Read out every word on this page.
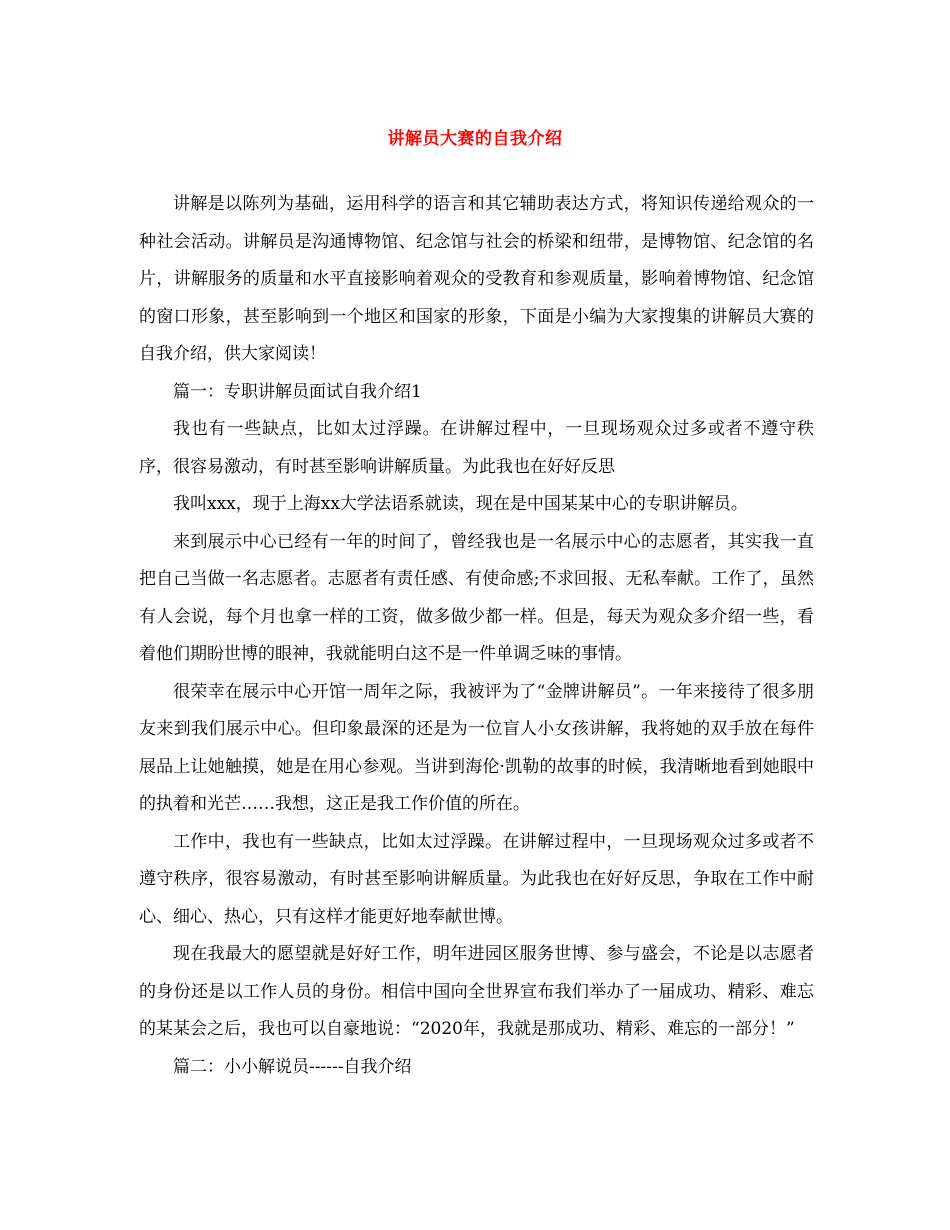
讲解员大赛的自我介绍

讲解是以陈列为基础，运用科学的语言和其它辅助表达方式，将知识传递给观众的一种社会活动。讲解员是沟通博物馆、纪念馆与社会的桥梁和纽带，是博物馆、纪念馆的名片，讲解服务的质量和水平直接影响着观众的受教育和参观质量，影响着博物馆、纪念馆的窗口形象，甚至影响到一个地区和国家的形象，下面是小编为大家搜集的讲解员大赛的自我介绍，供大家阅读！

篇一：专职讲解员面试自我介绍1

我也有一些缺点，比如太过浮躁。在讲解过程中，一旦现场观众过多或者不遵守秩序，很容易激动，有时甚至影响讲解质量。为此我也在好好反思

我叫xxx，现于上海xx大学法语系就读，现在是中国某某中心的专职讲解员。

来到展示中心已经有一年的时间了，曾经我也是一名展示中心的志愿者，其实我一直把自己当做一名志愿者。志愿者有责任感、有使命感;不求回报、无私奉献。工作了，虽然有人会说，每个月也拿一样的工资，做多做少都一样。但是，每天为观众多介绍一些，看着他们期盼世博的眼神，我就能明白这不是一件单调乏味的事情。

很荣幸在展示中心开馆一周年之际，我被评为了“金牌讲解员”。一年来接待了很多朋友来到我们展示中心。但印象最深的还是为一位盲人小女孩讲解，我将她的双手放在每件展品上让她触摸，她是在用心参观。当讲到海伦·凯勒的故事的时候，我清晰地看到她眼中的执着和光芒……我想，这正是我工作价值的所在。

工作中，我也有一些缺点，比如太过浮躁。在讲解过程中，一旦现场观众过多或者不遵守秩序，很容易激动，有时甚至影响讲解质量。为此我也在好好反思，争取在工作中耐心、细心、热心，只有这样才能更好地奉献世博。

现在我最大的愿望就是好好工作，明年进园区服务世博、参与盛会，不论是以志愿者的身份还是以工作人员的身份。相信中国向全世界宣布我们举办了一届成功、精彩、难忘的某某会之后，我也可以自豪地说：“2020年，我就是那成功、精彩、难忘的一部分！”

篇二：小小解说员------自我介绍
